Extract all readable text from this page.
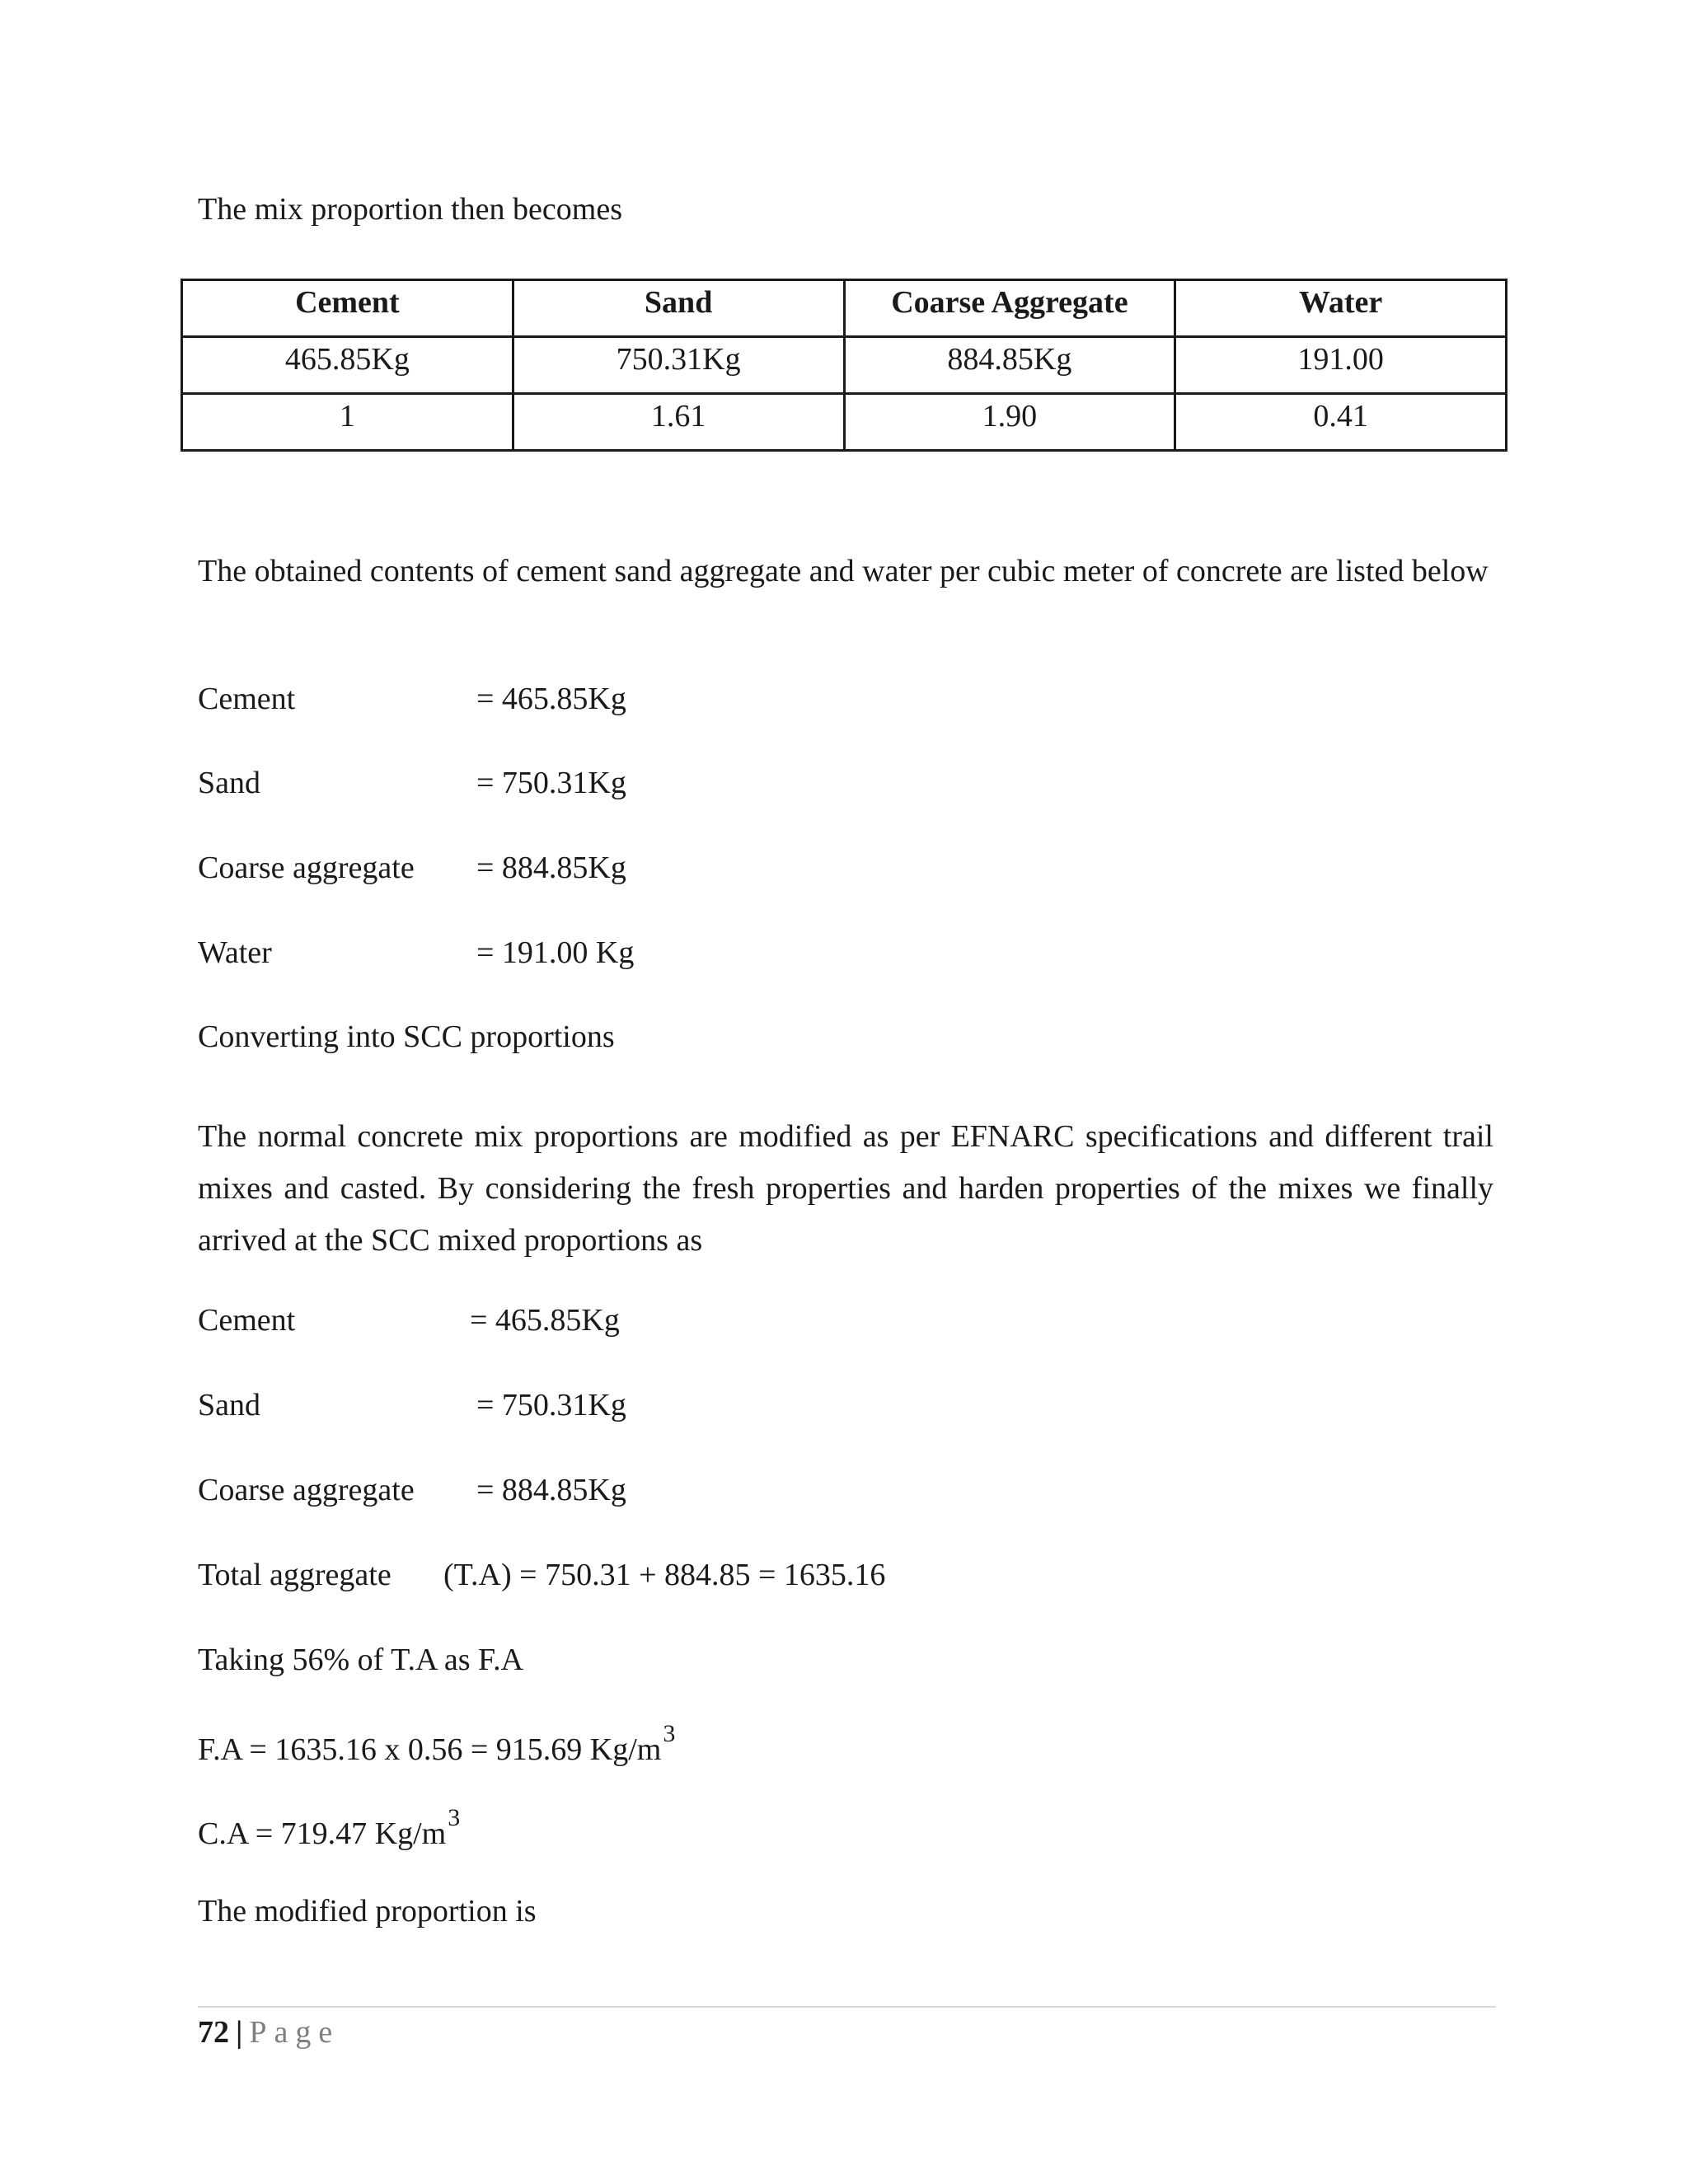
The mix proportion then becomes
Cement	Sand	Coarse Aggregate	Water
465.85Kg	750.31Kg	884.85Kg	191.00
1	1.61	1.90	0.41
The obtained contents of cement sand aggregate and water per cubic meter of concrete are listed below
Cement	= 465.85Kg
Sand	= 750.31Kg
Coarse aggregate = 884.85Kg
Water	= 191.00 Kg
Converting into SCC proportions
The normal concrete mix proportions are modified as per EFNARC specifications and different trail mixes and casted. By considering the fresh properties and harden properties of the mixes we finally arrived at the SCC mixed proportions as
Cement	= 465.85Kg
Sand	= 750.31Kg
Coarse aggregate = 884.85Kg
Total aggregate (T.A) = 750.31 + 884.85 = 1635.16
Taking 56% of T.A as F.A
F.A = 1635.16 x 0.56 = 915.69 $Kg/m^3$
C.A = 719.47 $Kg/m^3$
The modified proportion is
72 | Page
